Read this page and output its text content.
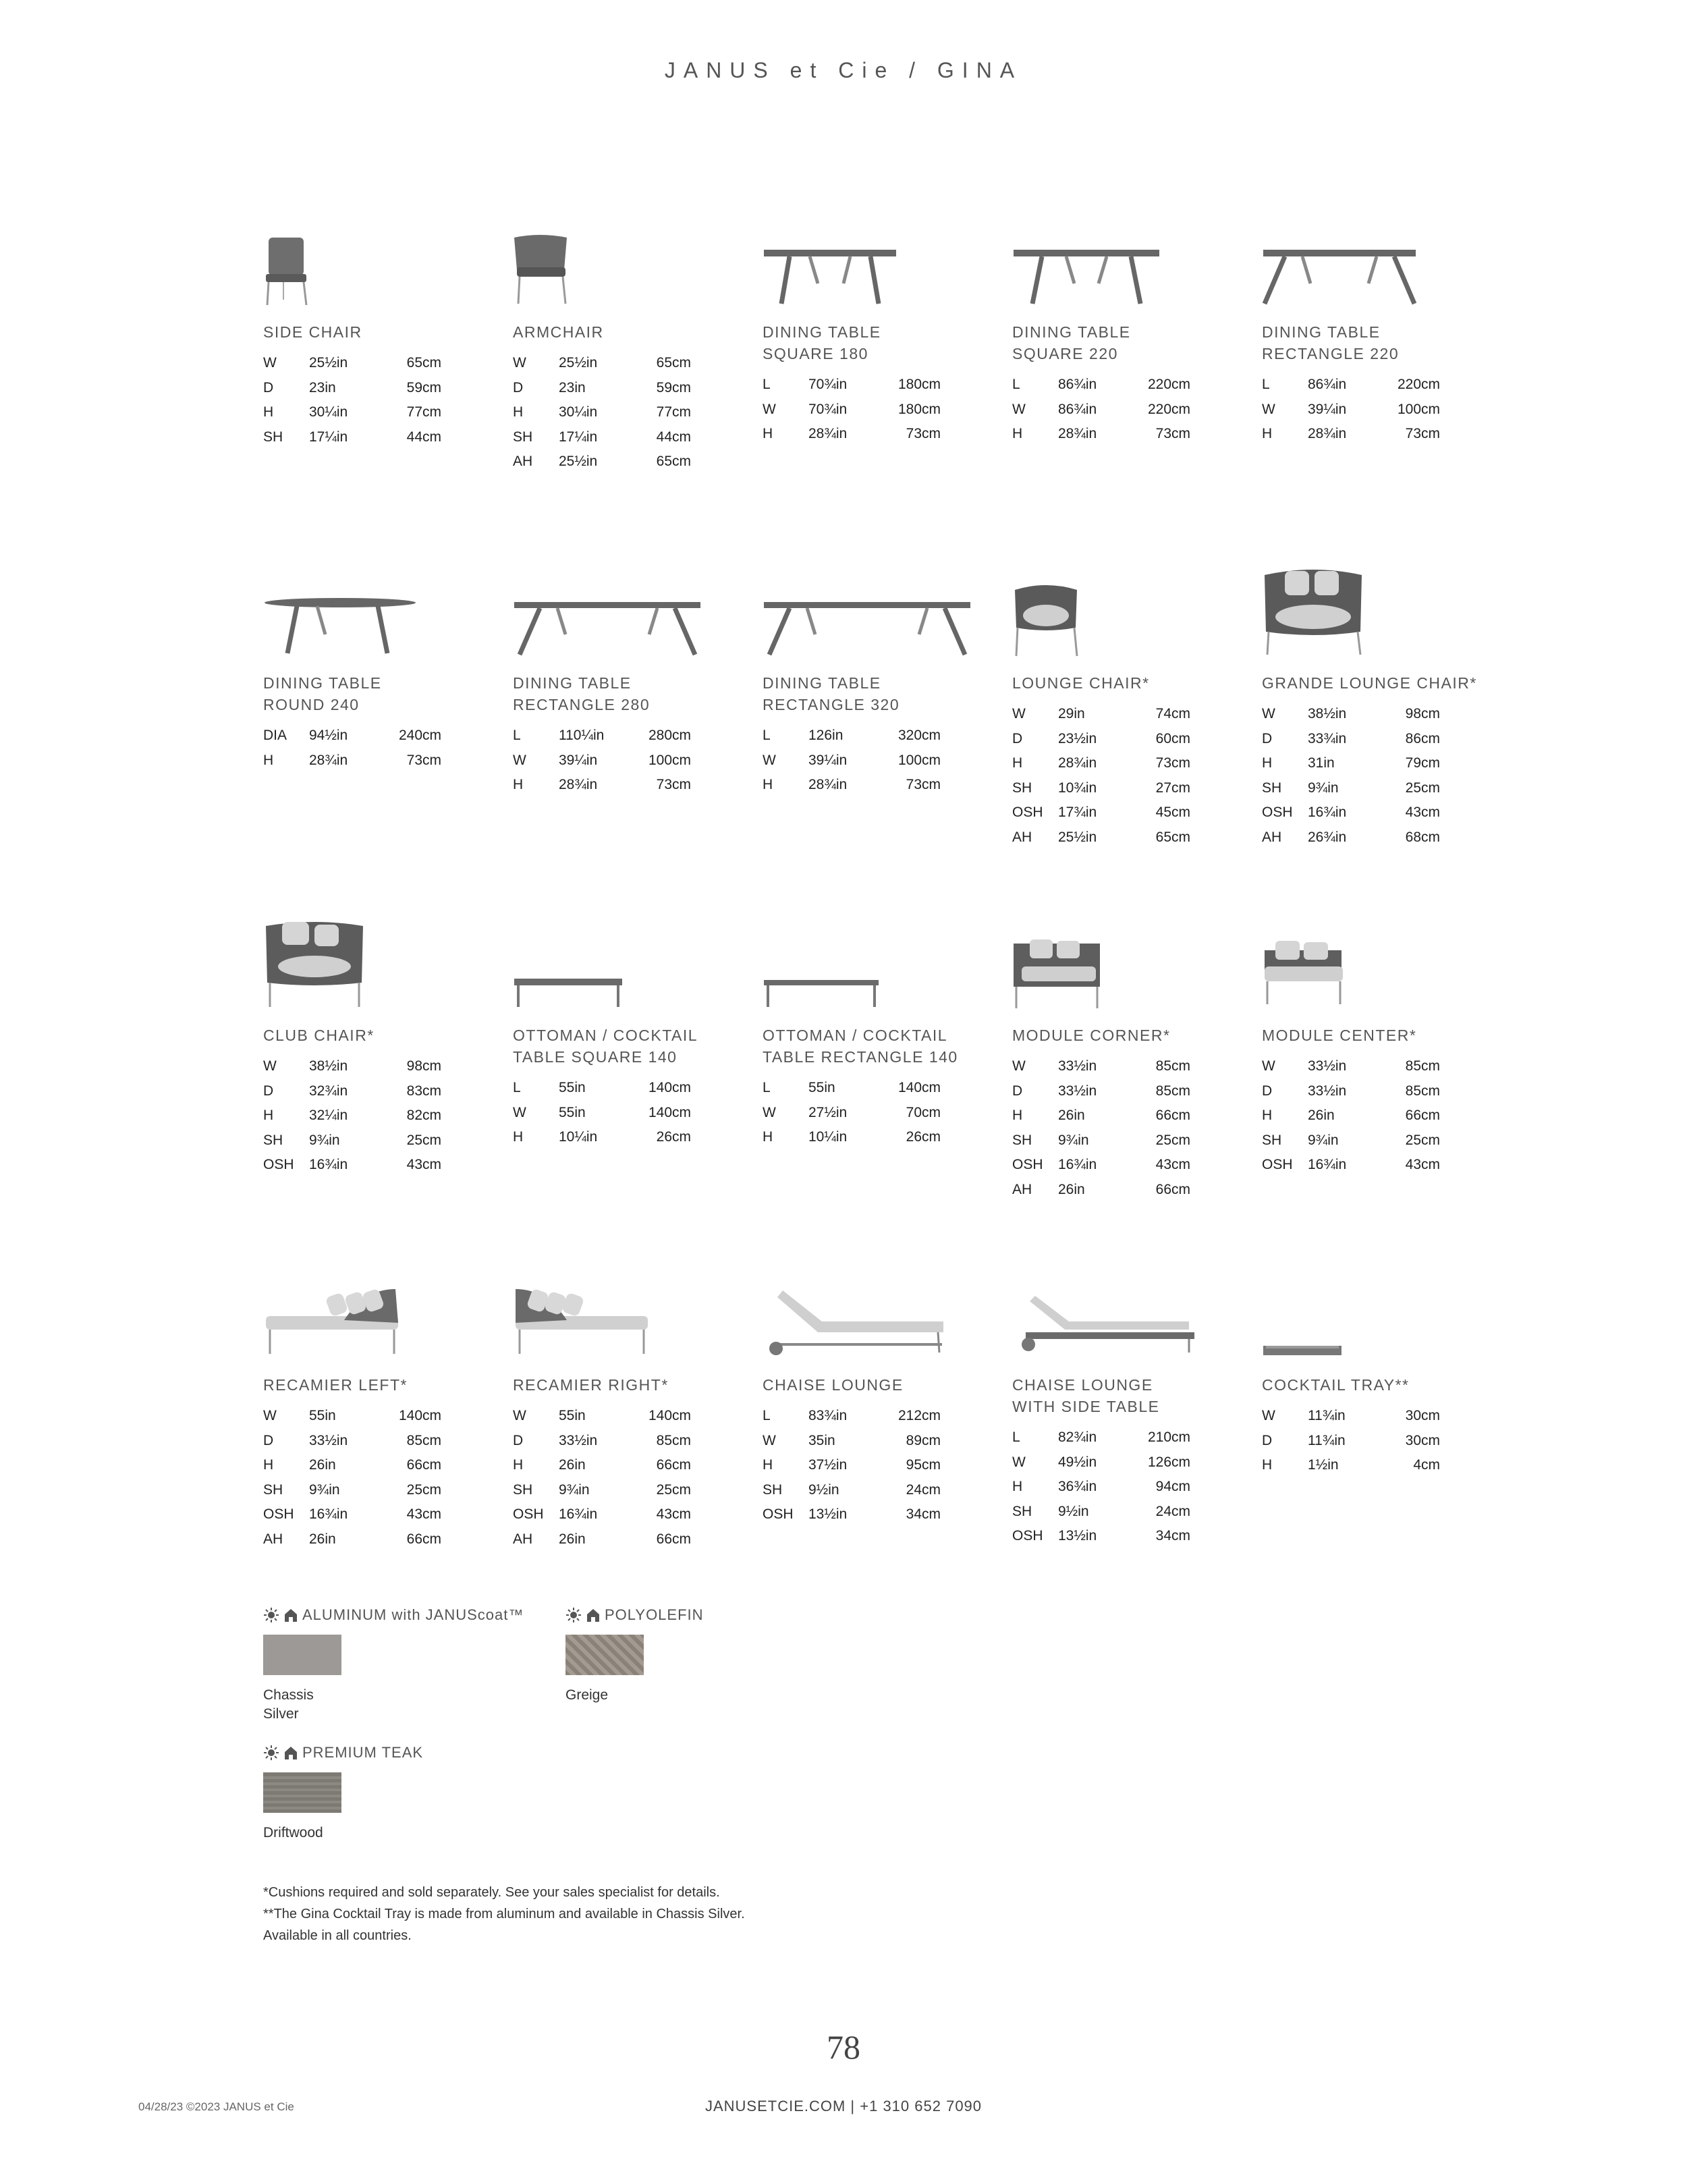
JANUS et Cie / GINA
SIDE CHAIR
W	25½in	65cm
D	23in	59cm
H	30¼in	77cm
SH	17¼in	44cm
ARMCHAIR
W	25½in	65cm
D	23in	59cm
H	30¼in	77cm
SH	17¼in	44cm
AH	25½in	65cm
DINING TABLE
SQUARE 180
L	70¾in	180cm
W	70¾in	180cm
H	28¾in	73cm
DINING TABLE
SQUARE 220
L	86¾in	220cm
W	86¾in	220cm
H	28¾in	73cm
DINING TABLE
RECTANGLE 220
L	86¾in	220cm
W	39¼in	100cm
H	28¾in	73cm
DINING TABLE
ROUND 240
DIA	94½in	240cm
H	28¾in	73cm
DINING TABLE
RECTANGLE 280
L	110¼in	280cm
W	39¼in	100cm
H	28¾in	73cm
DINING TABLE
RECTANGLE 320
L	126in	320cm
W	39¼in	100cm
H	28¾in	73cm
LOUNGE CHAIR*
W	29in	74cm
D	23½in	60cm
H	28¾in	73cm
SH	10¾in	27cm
OSH	17¾in	45cm
AH	25½in	65cm
GRANDE LOUNGE CHAIR*
W	38½in	98cm
D	33¾in	86cm
H	31in	79cm
SH	9¾in	25cm
OSH	16¾in	43cm
AH	26¾in	68cm
CLUB CHAIR*
W	38½in	98cm
D	32¾in	83cm
H	32¼in	82cm
SH	9¾in	25cm
OSH	16¾in	43cm
OTTOMAN / COCKTAIL
TABLE SQUARE 140
L	55in	140cm
W	55in	140cm
H	10¼in	26cm
OTTOMAN / COCKTAIL
TABLE RECTANGLE 140
L	55in	140cm
W	27½in	70cm
H	10¼in	26cm
MODULE CORNER*
W	33½in	85cm
D	33½in	85cm
H	26in	66cm
SH	9¾in	25cm
OSH	16¾in	43cm
AH	26in	66cm
MODULE CENTER*
W	33½in	85cm
D	33½in	85cm
H	26in	66cm
SH	9¾in	25cm
OSH	16¾in	43cm
RECAMIER LEFT*
W	55in	140cm
D	33½in	85cm
H	26in	66cm
SH	9¾in	25cm
OSH	16¾in	43cm
AH	26in	66cm
RECAMIER RIGHT*
W	55in	140cm
D	33½in	85cm
H	26in	66cm
SH	9¾in	25cm
OSH	16¾in	43cm
AH	26in	66cm
CHAISE LOUNGE
L	83¾in	212cm
W	35in	89cm
H	37½in	95cm
SH	9½in	24cm
OSH	13½in	34cm
CHAISE LOUNGE
WITH SIDE TABLE
L	82¾in	210cm
W	49½in	126cm
H	36¾in	94cm
SH	9½in	24cm
OSH	13½in	34cm
COCKTAIL TRAY**
W	11¾in	30cm
D	11¾in	30cm
H	1½in	4cm
ALUMINUM with JANUScoat™
Chassis Silver
POLYOLEFIN
Greige
PREMIUM TEAK
Driftwood
*Cushions required and sold separately. See your sales specialist for details.
**The Gina Cocktail Tray is made from aluminum and available in Chassis Silver.
Available in all countries.
78
04/28/23 ©2023 JANUS et Cie	JANUSETCIE.COM | +1 310 652 7090
